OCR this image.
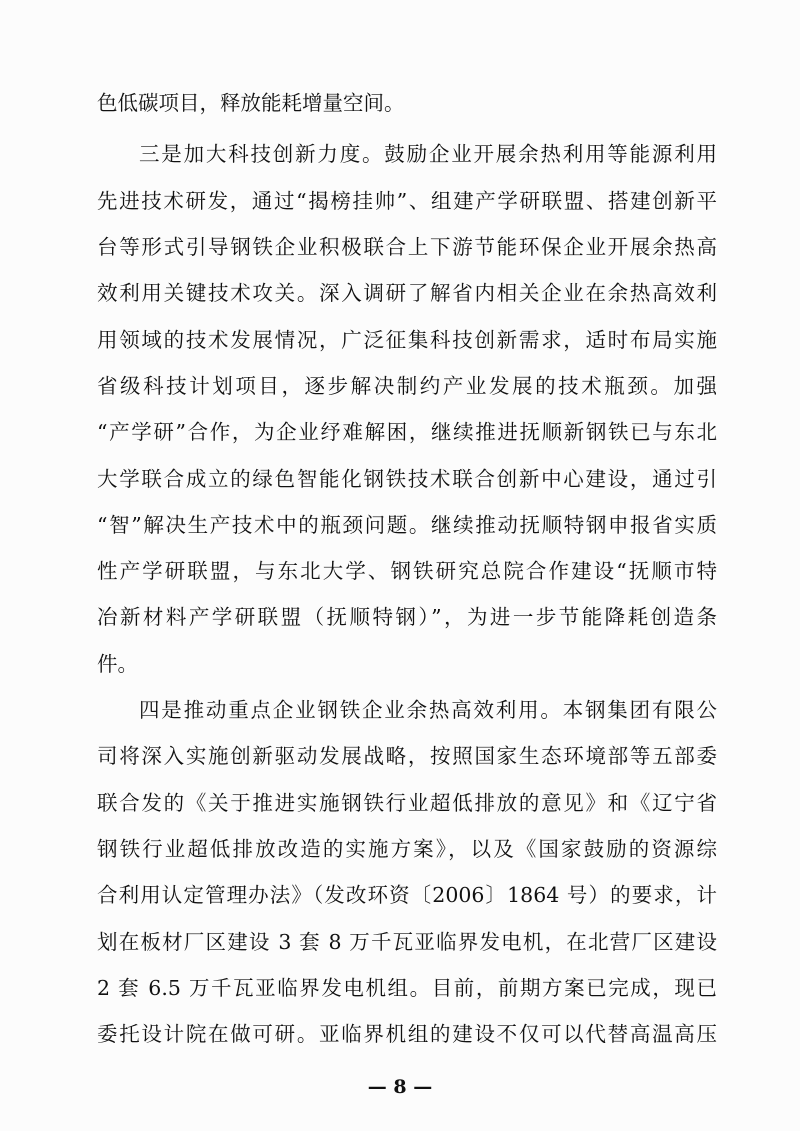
色低碳项目，释放能耗增量空间。

三是加大科技创新力度。鼓励企业开展余热利用等能源利用

先进技术研发，通过“揭榜挂帅”、组建产学研联盟、搭建创新平

台等形式引导钢铁企业积极联合上下游节能环保企业开展余热高

效利用关键技术攻关。深入调研了解省内相关企业在余热高效利

用领域的技术发展情况，广泛征集科技创新需求，适时布局实施

省级科技计划项目，逐步解决制约产业发展的技术瓶颈。加强

“产学研”合作，为企业纾难解困，继续推进抚顺新钢铁已与东北

大学联合成立的绿色智能化钢铁技术联合创新中心建设，通过引

“智”解决生产技术中的瓶颈问题。继续推动抚顺特钢申报省实质

性产学研联盟，与东北大学、钢铁研究总院合作建设“抚顺市特

冶新材料产学研联盟（抚顺特钢）”，为进一步节能降耗创造条

件。

四是推动重点企业钢铁企业余热高效利用。本钢集团有限公

司将深入实施创新驱动发展战略，按照国家生态环境部等五部委

联合发的《关于推进实施钢铁行业超低排放的意见》和《辽宁省

钢铁行业超低排放改造的实施方案》，以及《国家鼓励的资源综

合利用认定管理办法》（发改环资〔2006〕1864 号）的要求，计

划在板材厂区建设 3 套 8 万千瓦亚临界发电机，在北营厂区建设

2 套 6.5 万千瓦亚临界发电机组。目前，前期方案已完成，现已

委托设计院在做可研。亚临界机组的建设不仅可以代替高温高压

— 8 —
